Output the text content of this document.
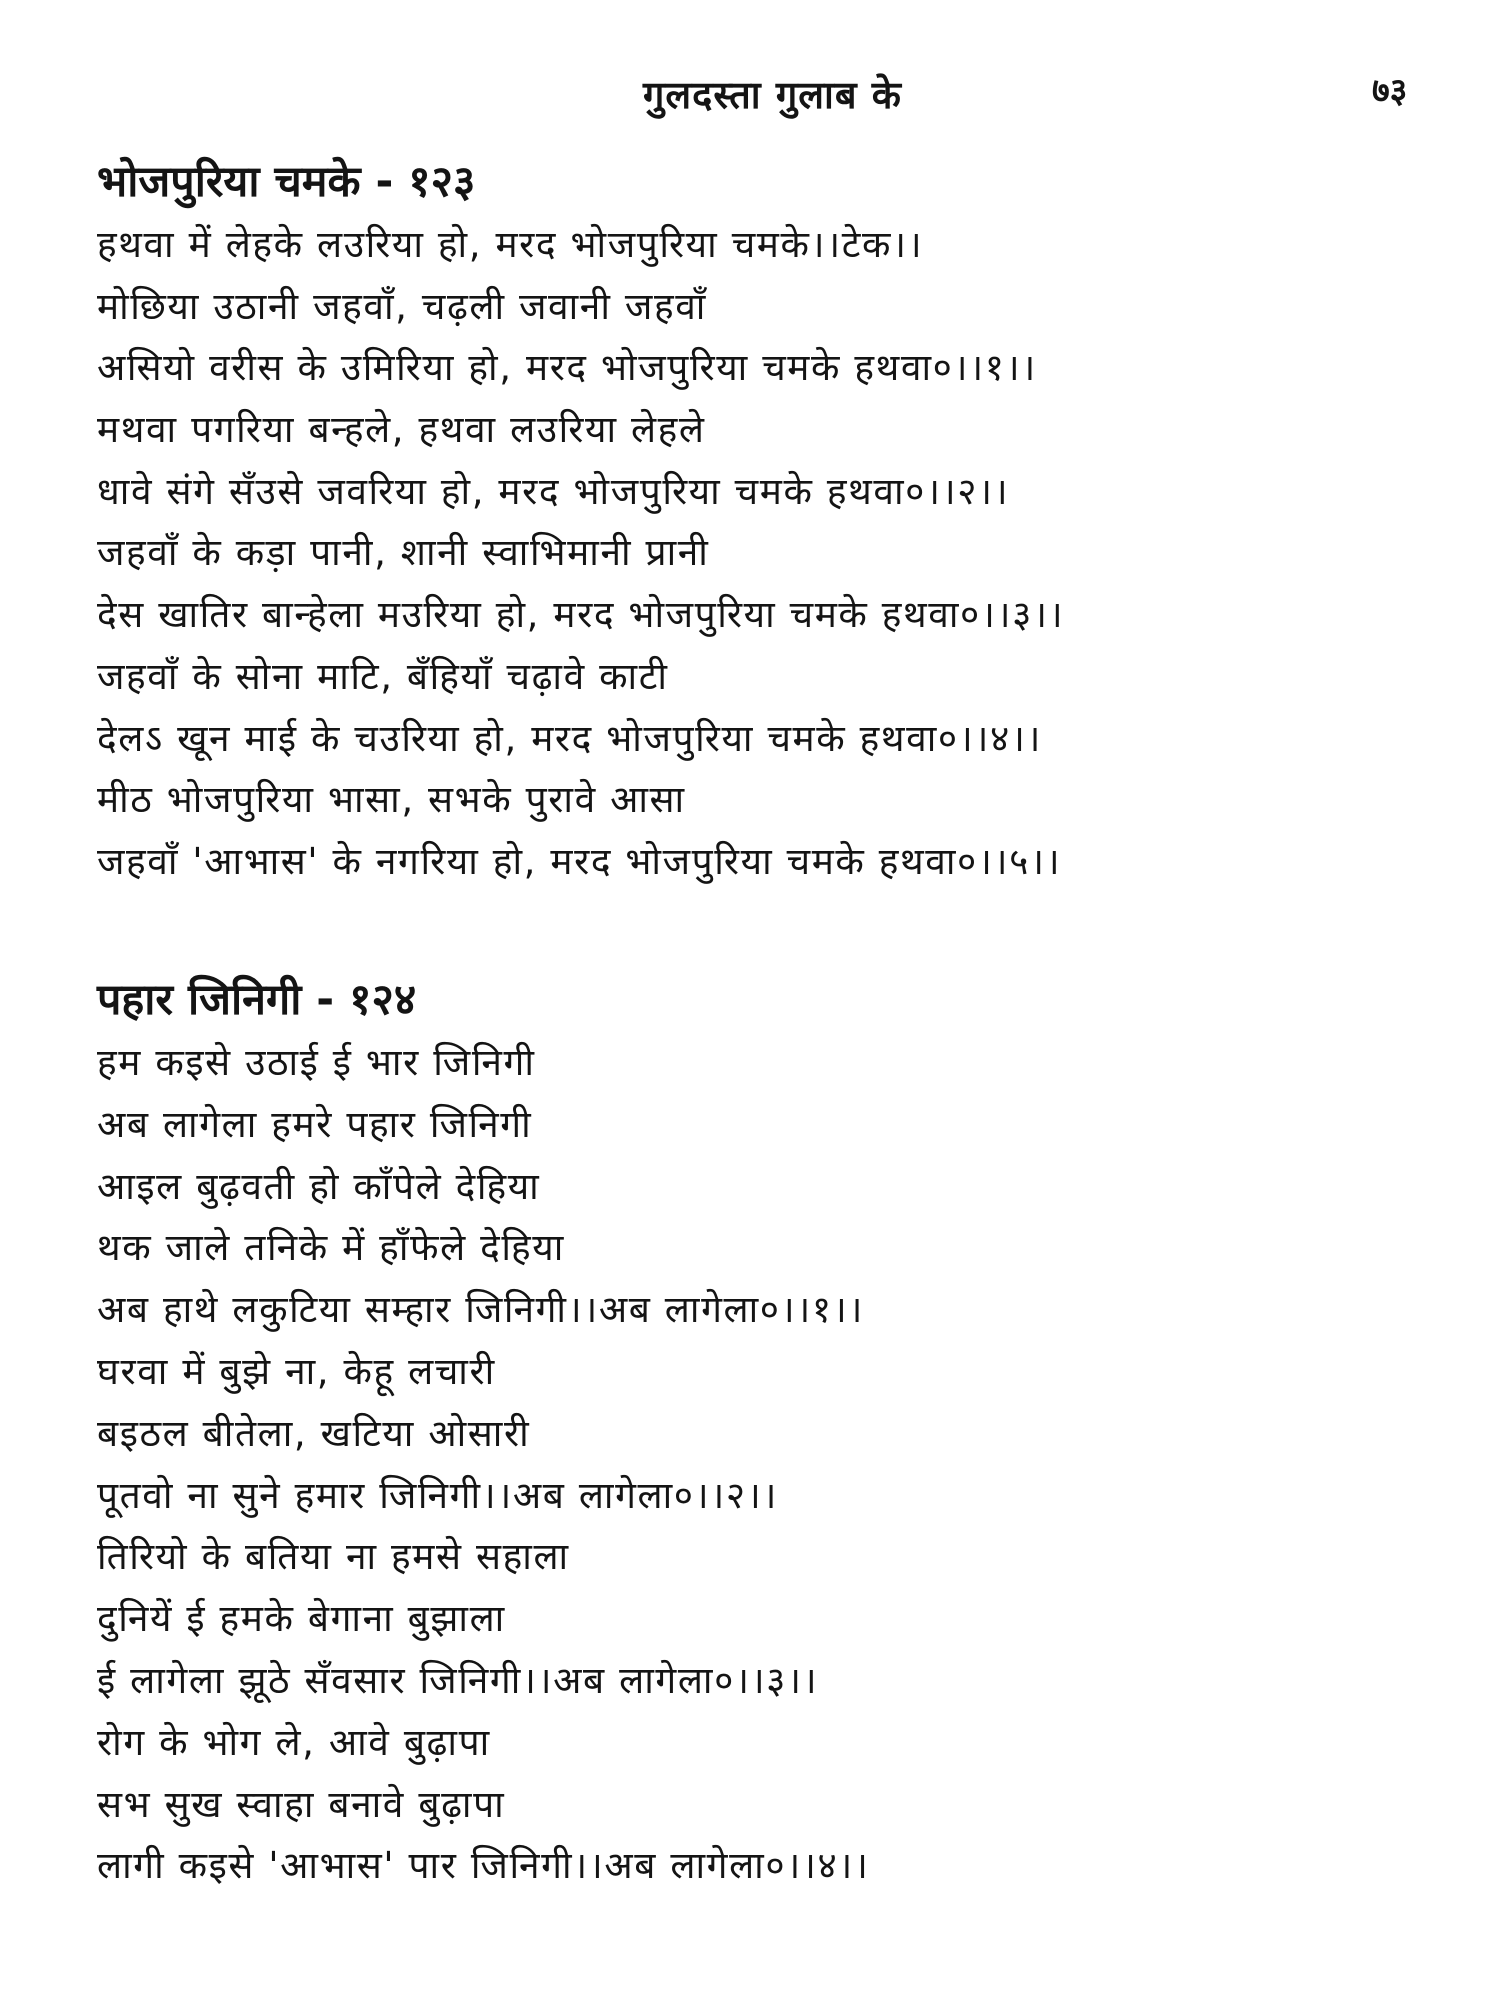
गुलदस्ता गुलाब के	७३
भोजपुरिया चमके - १२३
हथवा में लेहके लउरिया हो, मरद भोजपुरिया चमके।।टेक।।
मोछिया उठानी जहवाँ, चढ़ली जवानी जहवाँ
असियो वरीस के उमिरिया हो, मरद भोजपुरिया चमके हथवा०।।१।।
मथवा पगरिया बन्हले, हथवा लउरिया लेहले
धावे संगे सँउसे जवरिया हो, मरद भोजपुरिया चमके हथवा०।।२।।
जहवाँ के कड़ा पानी, शानी स्वाभिमानी प्रानी
देस खातिर बान्हेला मउरिया हो, मरद भोजपुरिया चमके हथवा०।।३।।
जहवाँ के सोना माटि, बँहियाँ चढ़ावे काटी
देलऽ खून माई के चउरिया हो, मरद भोजपुरिया चमके हथवा०।।४।।
मीठ भोजपुरिया भासा, सभके पुरावे आसा
जहवाँ 'आभास' के नगरिया हो, मरद भोजपुरिया चमके हथवा०।।५।।
पहार जिनिगी - १२४
हम कइसे उठाई ई भार जिनिगी
अब लागेला हमरे पहार जिनिगी
आइल बुढ़वती हो काँपेले देहिया
थक जाले तनिके में हाँफेले देहिया
अब हाथे लकुटिया सम्हार जिनिगी।।अब लागेला०।।१।।
घरवा में बुझे ना, केहू लचारी
बइठल बीतेला, खटिया ओसारी
पूतवो ना सुने हमार जिनिगी।।अब लागेला०।।२।।
तिरियो के बतिया ना हमसे सहाला
दुनियें ई हमके बेगाना बुझाला
ई लागेला झूठे सँवसार जिनिगी।।अब लागेला०।।३।।
रोग के भोग ले, आवे बुढ़ापा
सभ सुख स्वाहा बनावे बुढ़ापा
लागी कइसे 'आभास' पार जिनिगी।।अब लागेला०।।४।।
